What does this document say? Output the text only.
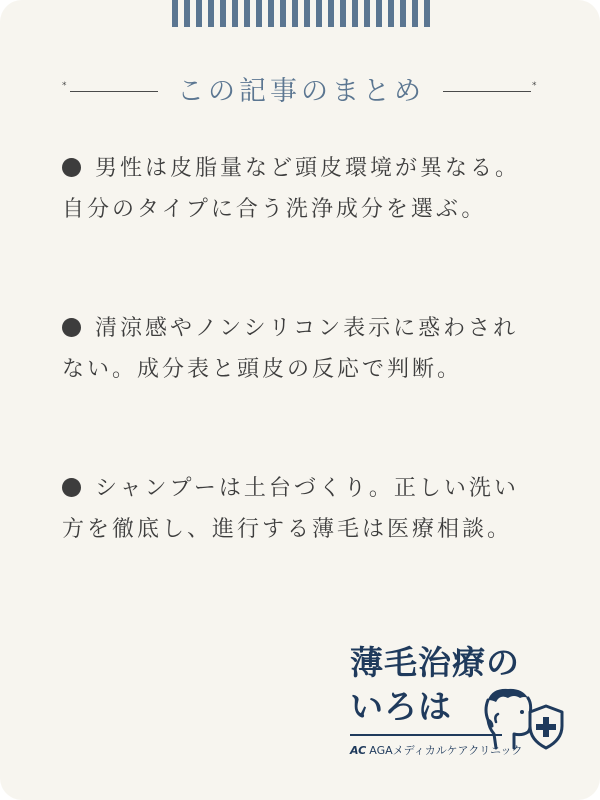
*	この記事のまとめ	*

男性は皮脂量など頭皮環境が異なる。自分のタイプに合う洗浄成分を選ぶ。

清涼感やノンシリコン表示に惑わされない。成分表と頭皮の反応で判断。

シャンプーは土台づくり。正しい洗い方を徹底し、進行する薄毛は医療相談。

薄毛治療の
いろは
AC AGAメディカルケアクリニック
